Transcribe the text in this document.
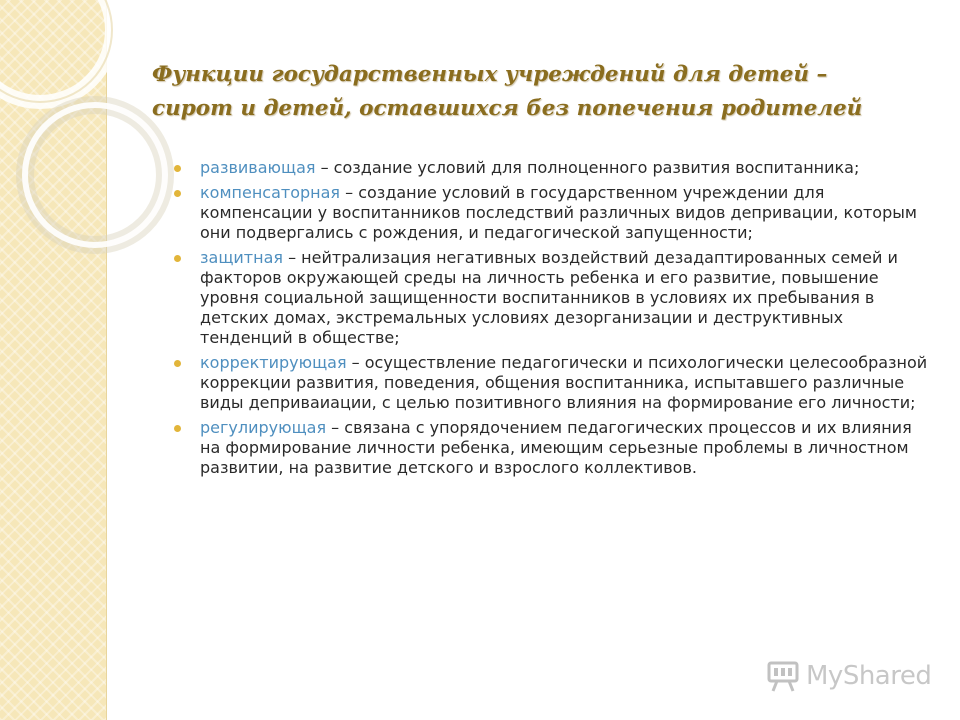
Функции государственных учреждений для детей –
сирот и детей, оставшихся без попечения родителей
развивающая – создание условий для полноценного развития воспитанника;
компенсаторная – создание условий в государственном учреждении для компенсации у воспитанников последствий различных видов депривации, которым они подвергались с рождения, и педагогической запущенности;
защитная – нейтрализация негативных воздействий дезадаптированных семей и факторов окружающей среды на личность ребенка и его развитие, повышение уровня социальной защищенности воспитанников в условиях их пребывания в детских домах, экстремальных условиях дезорганизации и деструктивных тенденций в обществе;
корректирующая – осуществление педагогически и психологически целесообразной коррекции развития, поведения, общения воспитанника, испытавшего различные виды деприваиации, с целью позитивного влияния на формирование его личности;
регулирующая – связана с упорядочением педагогических процессов и их влияния на формирование личности ребенка, имеющим серьезные проблемы в личностном развитии, на развитие детского и взрослого коллективов.
MyShared
